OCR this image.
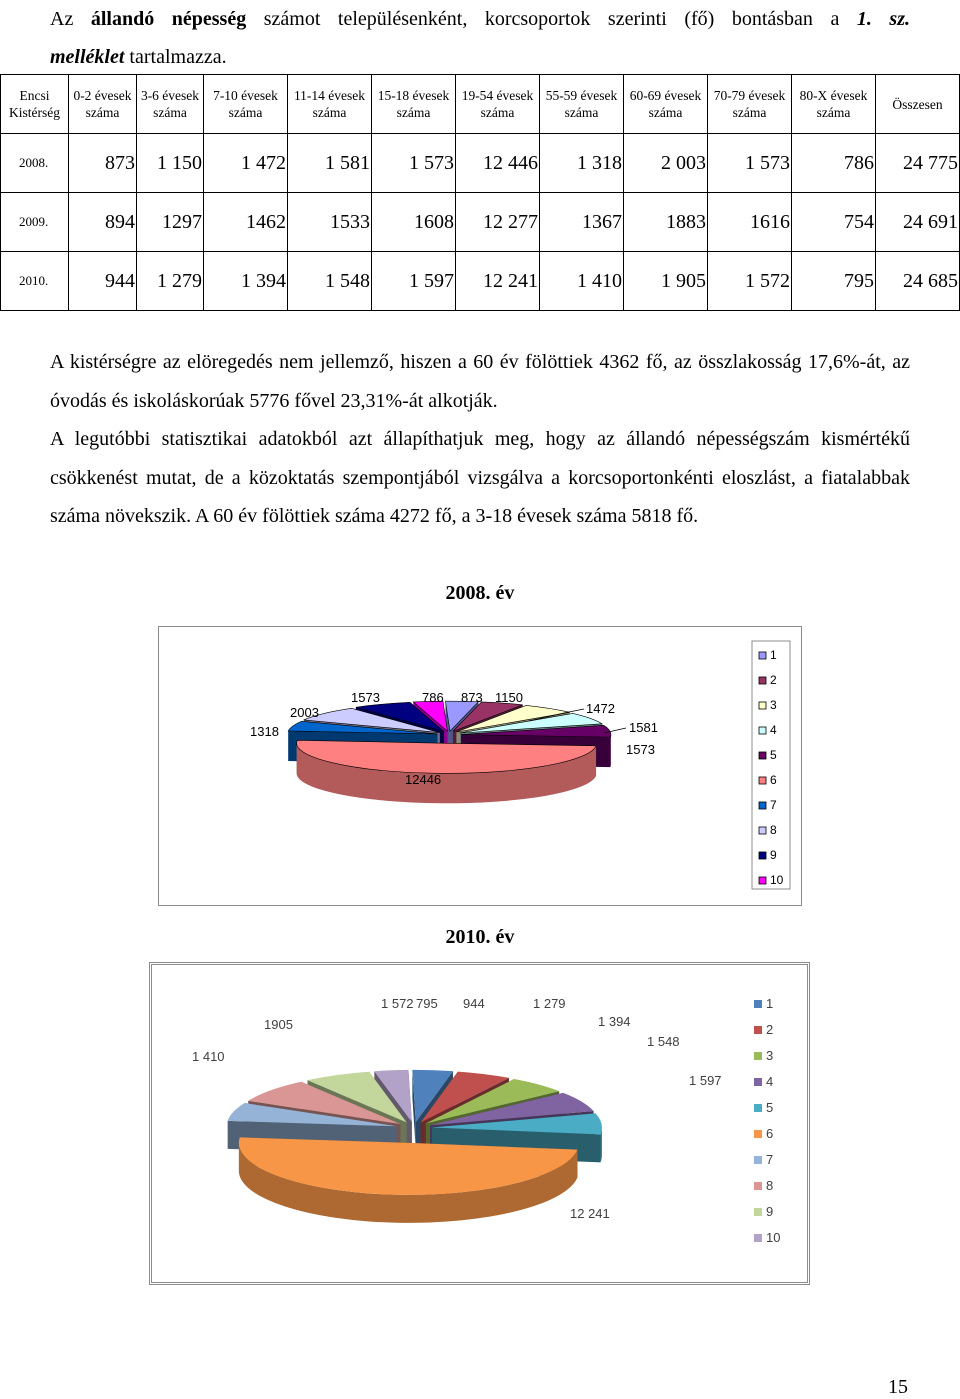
Az állandó népesség számot településenként, korcsoportok szerinti (fő) bontásban a 1. sz.
melléklet tartalmazza.
Encsi Kistérség	0-2 évesek száma	3-6 évesek száma	7-10 évesek száma	11-14 évesek száma	15-18 évesek száma	19-54 évesek száma	55-59 évesek száma	60-69 évesek száma	70-79 évesek száma	80-X évesek száma	Összesen
2008.	873	1 150	1 472	1 581	1 573	12 446	1 318	2 003	1 573	786	24 775
2009.	894	1297	1462	1533	1608	12 277	1367	1883	1616	754	24 691
2010.	944	1 279	1 394	1 548	1 597	12 241	1 410	1 905	1 572	795	24 685
A kistérségre az elöregedés nem jellemző, hiszen a 60 év fölöttiek 4362 fő, az összlakosság 17,6%-át, az óvodás és iskoláskorúak 5776 fővel 23,31%-át alkotják.
A legutóbbi statisztikai adatokból azt állapíthatjuk meg, hogy az állandó népességszám kismértékű csökkenést mutat, de a közoktatás szempontjából vizsgálva a korcsoportonkénti eloszlást, a fiatalabbak száma növekszik. A 60 év fölöttiek száma 4272 fő, a 3-18 évesek száma 5818 fő.
2008. év
873 1150
1472
1581
1573
12446
1318
2003
1573	786
1
2
3
4
5
6
7
8
9
10
2010. év
944	1 279
1 394
1 548
1 597
12 241
1 410
1905
1 572 795	1
2
3
4
5
6
7
8
9
10
15
